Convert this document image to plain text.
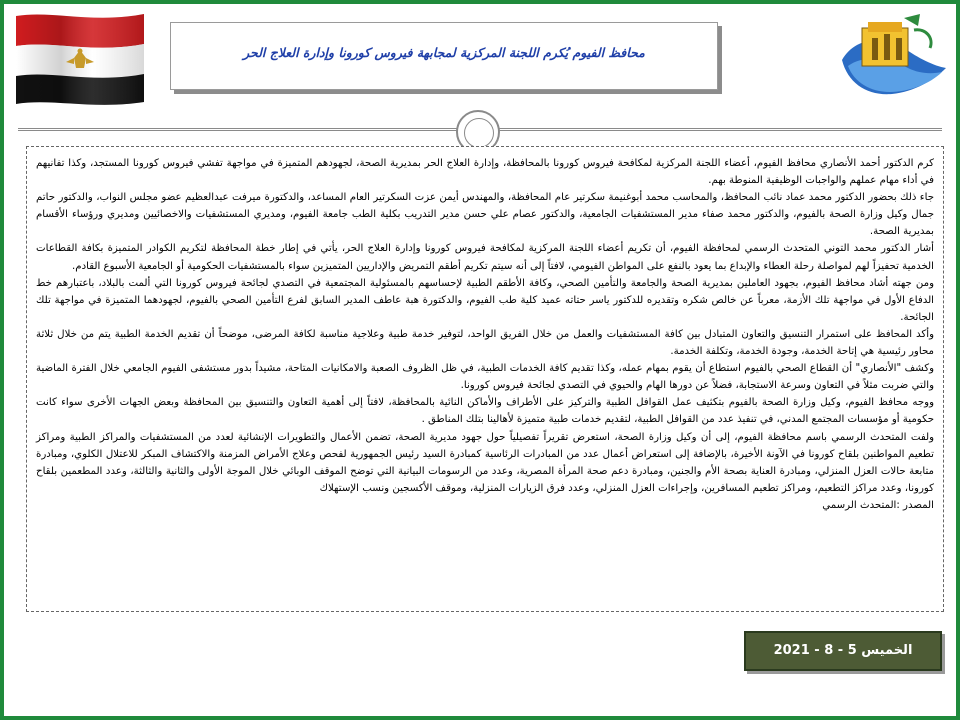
محافظ الفيوم يُكرم اللجنة المركزية لمجابهة فيروس كورونا وإدارة العلاج الحر

كرم الدكتور أحمد الأنصاري محافظ الفيوم، أعضاء اللجنة المركزية لمكافحة فيروس كورونا بالمحافظة، وإدارة العلاج الحر بمديرية الصحة، لجهودهم المتميزة في مواجهة تفشي فيروس كورونا المستجد، وكذا تفانيهم في أداء مهام عملهم والواجبات الوظيفية المنوطة بهم.

جاء ذلك بحضور الدكتور محمد عماد نائب المحافظ، والمحاسب محمد أبوغنيمة سكرتير عام المحافظة، والمهندس أيمن عزت السكرتير العام المساعد، والدكتورة ميرفت عبدالعظيم عضو مجلس النواب، والدكتور حاتم جمال وكيل وزارة الصحة بالفيوم، والدكتور محمد صفاء مدير المستشفيات الجامعية، والدكتور عصام علي حسن مدير التدريب بكلية الطب جامعة الفيوم، ومديري المستشفيات والاخصائيين ومديري ورؤساء الأقسام بمديرية الصحة.

أشار الدكتور محمد التوني المتحدث الرسمي لمحافظة الفيوم، أن تكريم أعضاء اللجنة المركزية لمكافحة فيروس كورونا وإدارة العلاج الحر، يأتي في إطار خطة المحافظة لتكريم الكوادر المتميزة بكافة القطاعات الخدمية تحفيزاً لهم لمواصلة رحلة العطاء والإبداع بما يعود بالنفع على المواطن الفيومي، لافتاً إلى أنه سيتم تكريم أطقم التمريض والإداريين المتميزين سواء بالمستشفيات الحكومية أو الجامعية الأسبوع القادم.

ومن جهته أشاد محافظ الفيوم، بجهود العاملين بمديرية الصحة والجامعة والتأمين الصحي، وكافة الأطقم الطبية لإحساسهم بالمسئولية المجتمعية في التصدي لجائحة فيروس كورونا التي ألمت بالبلاد، باعتبارهم خط الدفاع الأول في مواجهة تلك الأزمة، معرباً عن خالص شكره وتقديره للدكتور ياسر حتاته عميد كلية طب الفيوم، والدكتورة هبة عاطف المدير السابق لفرع التأمين الصحي بالفيوم، لجهودهما المتميزة في مواجهة تلك الجائحة.

وأكد المحافظ على استمرار التنسيق والتعاون المتبادل بين كافة المستشفيات والعمل من خلال الفريق الواحد، لتوفير خدمة طبية وعلاجية مناسبة لكافة المرضى، موضحاً أن تقديم الخدمة الطبية يتم من خلال ثلاثة محاور رئيسية هي إتاحة الخدمة، وجودة الخدمة، وتكلفة الخدمة.

وكشف "الأنصاري" أن القطاع الصحي بالفيوم استطاع أن يقوم بمهام عمله، وكذا تقديم كافة الخدمات الطبية، في ظل الظروف الصعبة والامكانيات المتاحة، مشيداً بدور مستشفى الفيوم الجامعي خلال الفترة الماضية والتي ضربت مثلاً في التعاون وسرعة الاستجابة، فضلاً عن دورها الهام والحيوي في التصدي لجائحة فيروس كورونا.

ووجه محافظ الفيوم، وكيل وزارة الصحة بالفيوم بتكثيف عمل القوافل الطبية والتركيز على الأطراف والأماكن النائية بالمحافظة، لافتاً إلى أهمية التعاون والتنسيق بين المحافظة وبعض الجهات الأخرى سواء كانت حكومية أو مؤسسات المجتمع المدني، في تنفيذ عدد من القوافل الطبية، لتقديم خدمات طبية متميزة لأهالينا بتلك المناطق .

ولفت المتحدث الرسمي باسم محافظة الفيوم، إلى أن وكيل وزارة الصحة، استعرض تقريراً تفصيلياً حول جهود مديرية الصحة، تضمن الأعمال والتطويرات الإنشائية لعدد من المستشفيات والمراكز الطبية ومراكز تطعيم المواطنين بلقاح كورونا في الآونة الأخيرة، بالإضافة إلى استعراض أعمال عدد من المبادرات الرئاسية كمبادرة السيد رئيس الجمهورية لفحص وعلاج الأمراض المزمنة والاكتشاف المبكر للاعتلال الكلوي، ومبادرة متابعة حالات العزل المنزلي، ومبادرة العناية بصحة الأم والجنين، ومبادرة دعم صحة المرأة المصرية، وعدد من الرسومات البيانية التي توضح الموقف الوبائي خلال الموجة الأولى والثانية والثالثة، وعدد المطعمين بلقاح كورونا، وعدد مراكز التطعيم، ومراكز تطعيم المسافرين، وإجراءات العزل المنزلي، وعدد فرق الزيارات المنزلية، وموقف الأكسجين ونسب الإستهلاك

المصدر :المتحدث الرسمي

الخميس 5 - 8 - 2021
